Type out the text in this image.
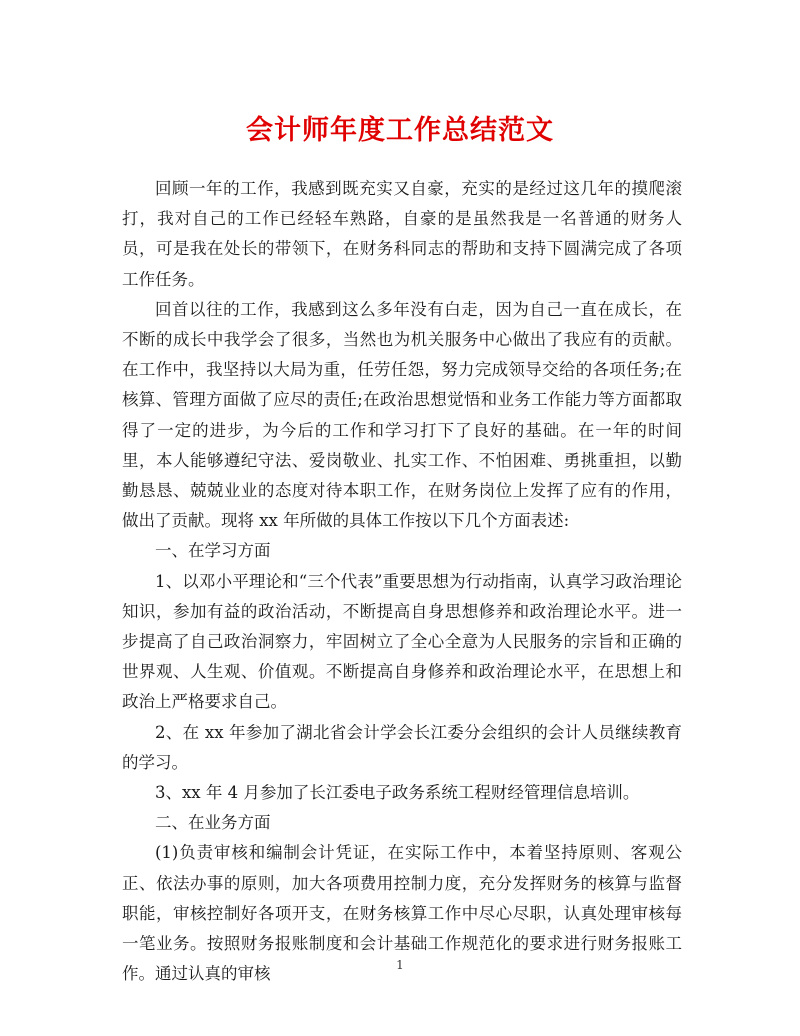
会计师年度工作总结范文

回顾一年的工作，我感到既充实又自豪，充实的是经过这几年的摸爬滚打，我对自己的工作已经轻车熟路，自豪的是虽然我是一名普通的财务人员，可是我在处长的带领下，在财务科同志的帮助和支持下圆满完成了各项工作任务。

回首以往的工作，我感到这么多年没有白走，因为自己一直在成长，在不断的成长中我学会了很多，当然也为机关服务中心做出了我应有的贡献。在工作中，我坚持以大局为重，任劳任怨，努力完成领导交给的各项任务;在核算、管理方面做了应尽的责任;在政治思想觉悟和业务工作能力等方面都取得了一定的进步，为今后的工作和学习打下了良好的基础。在一年的时间里，本人能够遵纪守法、爱岗敬业、扎实工作、不怕困难、勇挑重担，以勤勤恳恳、兢兢业业的态度对待本职工作，在财务岗位上发挥了应有的作用，做出了贡献。现将 xx 年所做的具体工作按以下几个方面表述:

一、在学习方面

1、以邓小平理论和“三个代表”重要思想为行动指南，认真学习政治理论知识，参加有益的政治活动，不断提高自身思想修养和政治理论水平。进一步提高了自己政治洞察力，牢固树立了全心全意为人民服务的宗旨和正确的世界观、人生观、价值观。不断提高自身修养和政治理论水平，在思想上和政治上严格要求自己。

2、在 xx 年参加了湖北省会计学会长江委分会组织的会计人员继续教育的学习。

3、xx 年 4 月参加了长江委电子政务系统工程财经管理信息培训。

二、在业务方面

(1)负责审核和编制会计凭证，在实际工作中，本着坚持原则、客观公正、依法办事的原则，加大各项费用控制力度，充分发挥财务的核算与监督职能，审核控制好各项开支，在财务核算工作中尽心尽职，认真处理审核每一笔业务。按照财务报账制度和会计基础工作规范化的要求进行财务报账工作。通过认真的审核	1
